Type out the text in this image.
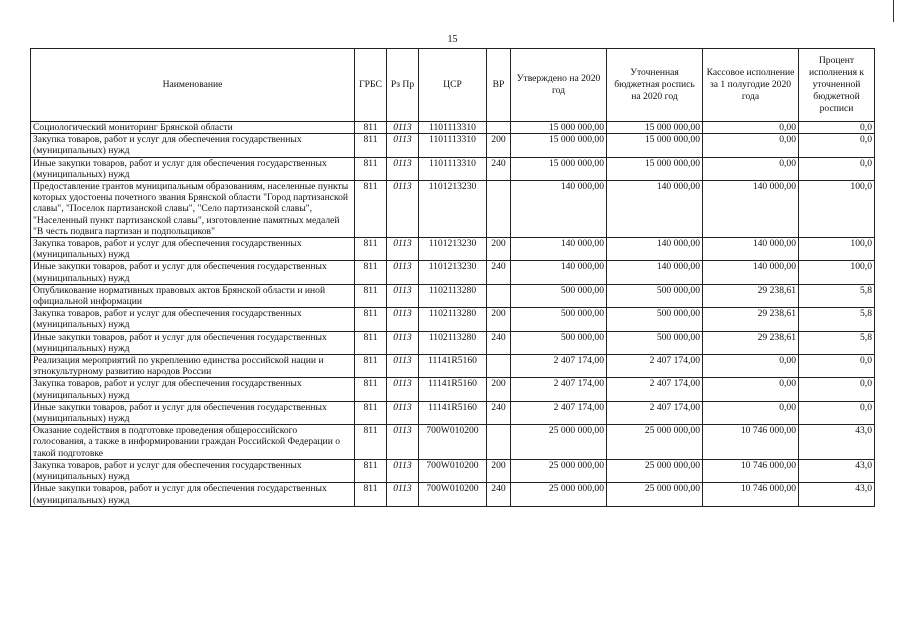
15
Наименование	ГРБС	Рз Пр	ЦСР	ВР	Утверждено на 2020 год	Уточненная бюджетная роспись на 2020 год	Кассовое исполнение за 1 полугодие 2020 года	Процент исполнения к уточненной бюджетной росписи
Социологический мониторинг Брянской области	811	0113	1101113310		15 000 000,00	15 000 000,00	0,00	0,0
Закупка товаров, работ и услуг для обеспечения государственных (муниципальных) нужд	811	0113	1101113310	200	15 000 000,00	15 000 000,00	0,00	0,0
Иные закупки товаров, работ и услуг для обеспечения государственных (муниципальных) нужд	811	0113	1101113310	240	15 000 000,00	15 000 000,00	0,00	0,0
Предоставление грантов муниципальным образованиям, населенные пункты которых удостоены почетного звания Брянской области "Город партизанской славы", "Поселок партизанской славы", "Село партизанской славы", "Населенный пункт партизанской славы", изготовление памятных медалей "В честь подвига партизан и подпольщиков"	811	0113	1101213230		140 000,00	140 000,00	140 000,00	100,0
Закупка товаров, работ и услуг для обеспечения государственных (муниципальных) нужд	811	0113	1101213230	200	140 000,00	140 000,00	140 000,00	100,0
Иные закупки товаров, работ и услуг для обеспечения государственных (муниципальных) нужд	811	0113	1101213230	240	140 000,00	140 000,00	140 000,00	100,0
Опубликование нормативных правовых актов Брянской области и иной официальной информации	811	0113	1102113280		500 000,00	500 000,00	29 238,61	5,8
Закупка товаров, работ и услуг для обеспечения государственных (муниципальных) нужд	811	0113	1102113280	200	500 000,00	500 000,00	29 238,61	5,8
Иные закупки товаров, работ и услуг для обеспечения государственных (муниципальных) нужд	811	0113	1102113280	240	500 000,00	500 000,00	29 238,61	5,8
Реализация мероприятий по укреплению единства российской нации и этнокультурному развитию народов России	811	0113	11141R5160		2 407 174,00	2 407 174,00	0,00	0,0
Закупка товаров, работ и услуг для обеспечения государственных (муниципальных) нужд	811	0113	11141R5160	200	2 407 174,00	2 407 174,00	0,00	0,0
Иные закупки товаров, работ и услуг для обеспечения государственных (муниципальных) нужд	811	0113	11141R5160	240	2 407 174,00	2 407 174,00	0,00	0,0
Оказание содействия в подготовке проведения общероссийского голосования, а также в информировании граждан Российской Федерации о такой подготовке	811	0113	700W010200		25 000 000,00	25 000 000,00	10 746 000,00	43,0
Закупка товаров, работ и услуг для обеспечения государственных (муниципальных) нужд	811	0113	700W010200	200	25 000 000,00	25 000 000,00	10 746 000,00	43,0
Иные закупки товаров, работ и услуг для обеспечения государственных (муниципальных) нужд	811	0113	700W010200	240	25 000 000,00	25 000 000,00	10 746 000,00	43,0
